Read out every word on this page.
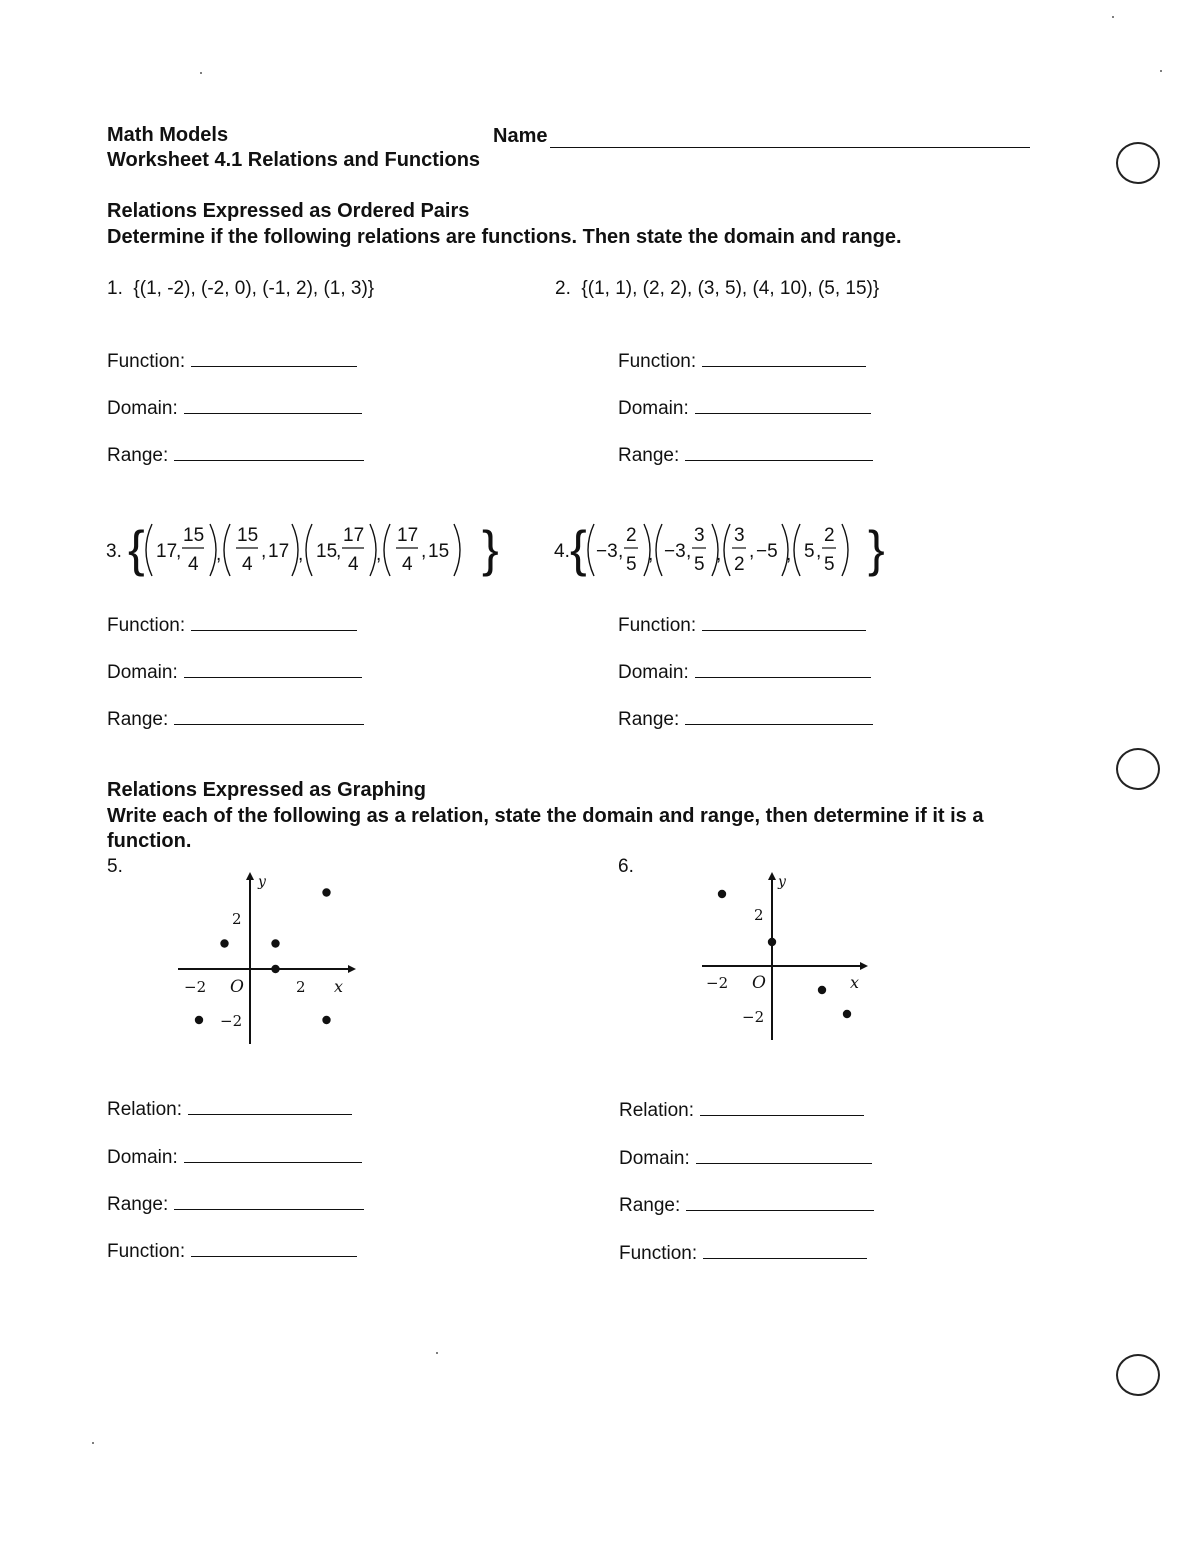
Math Models	Name
Worksheet 4.1 Relations and Functions
Relations Expressed as Ordered Pairs
Determine if the following relations are functions. Then state the domain and range.
1. {(1, -2), (-2, 0), (-1, 2), (1, 3)}	2. {(1, 1), (2, 2), (3, 5), (4, 10), (5, 15)}
Function:
Domain:
Range:
Function:
Domain:
Range:
3. {	}
17
,
15
4 ,
15
4
, 17 , 15
,
17
4 ,
17
4
, 15	4. {	}
−3 ,
2
5 , −3 ,
3
5 ,
3
2
, −5 , 5 ,
2
5
Function:
Domain:
Range:
Function:
Domain:
Range:
Relations Expressed as Graphing
Write each of the following as a relation, state the domain and range, then determine if it is a
function.
5.	6.
y
x
O
−2	2
2
−2
y
x
O
−2
2
−2
Relation:
Domain:
Range:
Function:
Relation:
Domain:
Range:
Function:
